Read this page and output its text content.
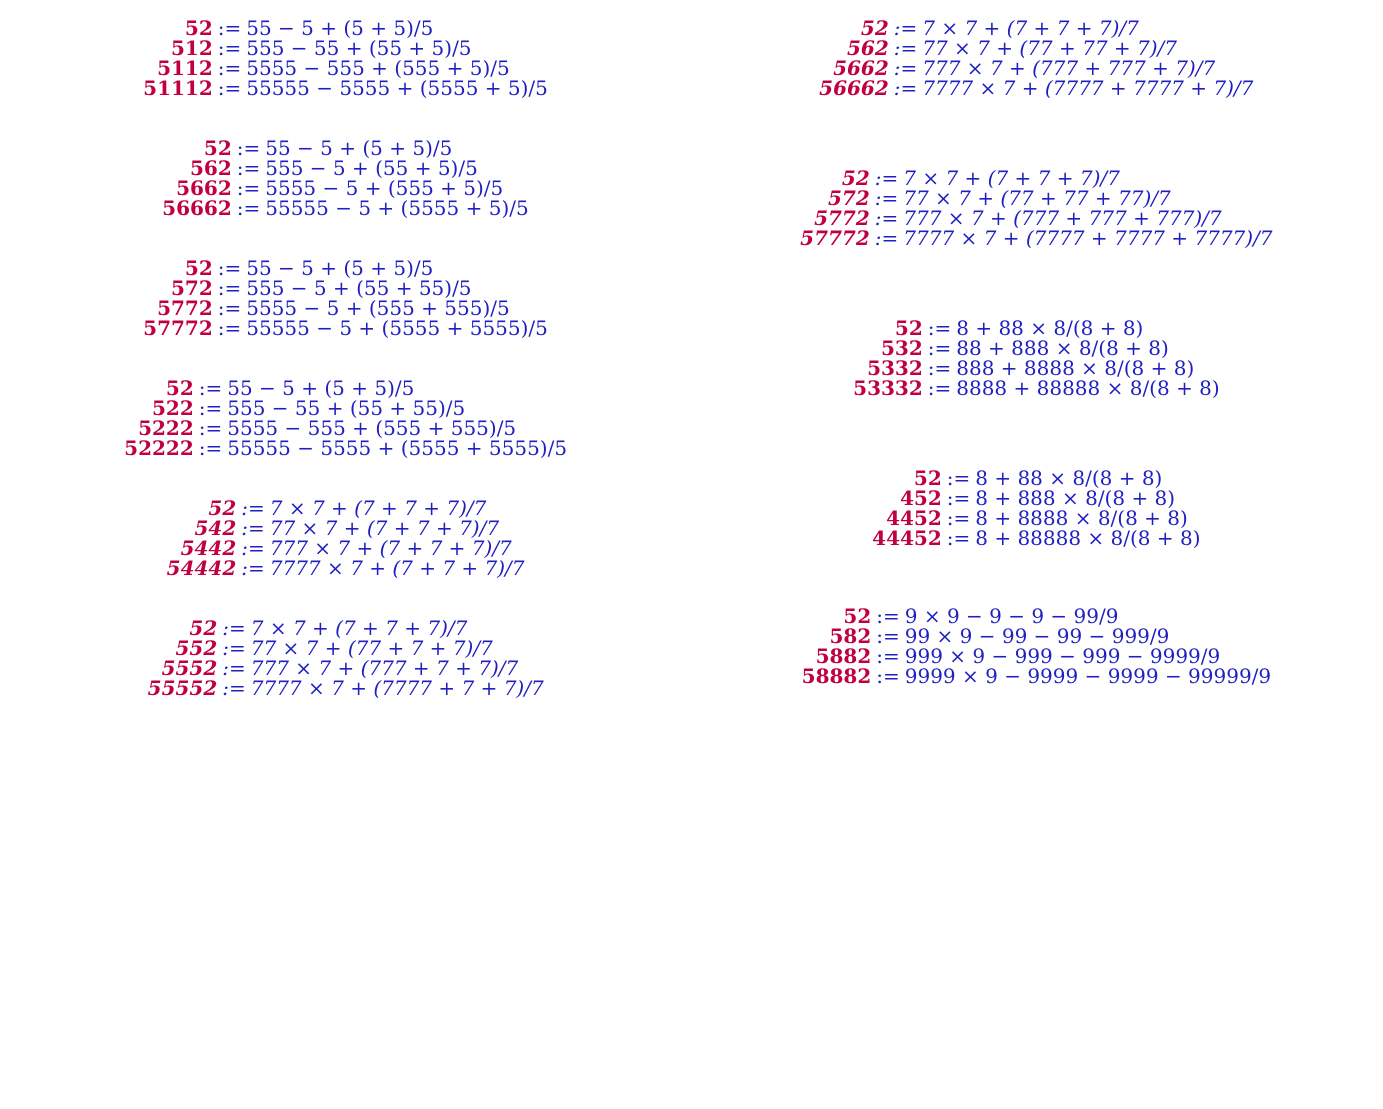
52 := 55 − 5 + (5 + 5)/5
512 := 555 − 55 + (55 + 5)/5
5112 := 5555 − 555 + (555 + 5)/5
51112 := 55555 − 5555 + (5555 + 5)/5
52 := 55 − 5 + (5 + 5)/5
562 := 555 − 5 + (55 + 5)/5
5662 := 5555 − 5 + (555 + 5)/5
56662 := 55555 − 5 + (5555 + 5)/5
52 := 55 − 5 + (5 + 5)/5
572 := 555 − 5 + (55 + 55)/5
5772 := 5555 − 5 + (555 + 555)/5
57772 := 55555 − 5 + (5555 + 5555)/5
52 := 55 − 5 + (5 + 5)/5
522 := 555 − 55 + (55 + 55)/5
5222 := 5555 − 555 + (555 + 555)/5
52222 := 55555 − 5555 + (5555 + 5555)/5
52 := 7 × 7 + (7 + 7 + 7)/7
542 := 77 × 7 + (7 + 7 + 7)/7
5442 := 777 × 7 + (7 + 7 + 7)/7
54442 := 7777 × 7 + (7 + 7 + 7)/7
52 := 7 × 7 + (7 + 7 + 7)/7
552 := 77 × 7 + (77 + 7 + 7)/7
5552 := 777 × 7 + (777 + 7 + 7)/7
55552 := 7777 × 7 + (7777 + 7 + 7)/7
52 := 7 × 7 + (7 + 7 + 7)/7
562 := 77 × 7 + (77 + 77 + 7)/7
5662 := 777 × 7 + (777 + 777 + 7)/7
56662 := 7777 × 7 + (7777 + 7777 + 7)/7
52 := 7 × 7 + (7 + 7 + 7)/7
572 := 77 × 7 + (77 + 77 + 77)/7
5772 := 777 × 7 + (777 + 777 + 777)/7
57772 := 7777 × 7 + (7777 + 7777 + 7777)/7
52 := 8 + 88 × 8/(8 + 8)
532 := 88 + 888 × 8/(8 + 8)
5332 := 888 + 8888 × 8/(8 + 8)
53332 := 8888 + 88888 × 8/(8 + 8)
52 := 8 + 88 × 8/(8 + 8)
452 := 8 + 888 × 8/(8 + 8)
4452 := 8 + 8888 × 8/(8 + 8)
44452 := 8 + 88888 × 8/(8 + 8)
52 := 9 × 9 − 9 − 9 − 99/9
582 := 99 × 9 − 99 − 99 − 999/9
5882 := 999 × 9 − 999 − 999 − 9999/9
58882 := 9999 × 9 − 9999 − 9999 − 99999/9
